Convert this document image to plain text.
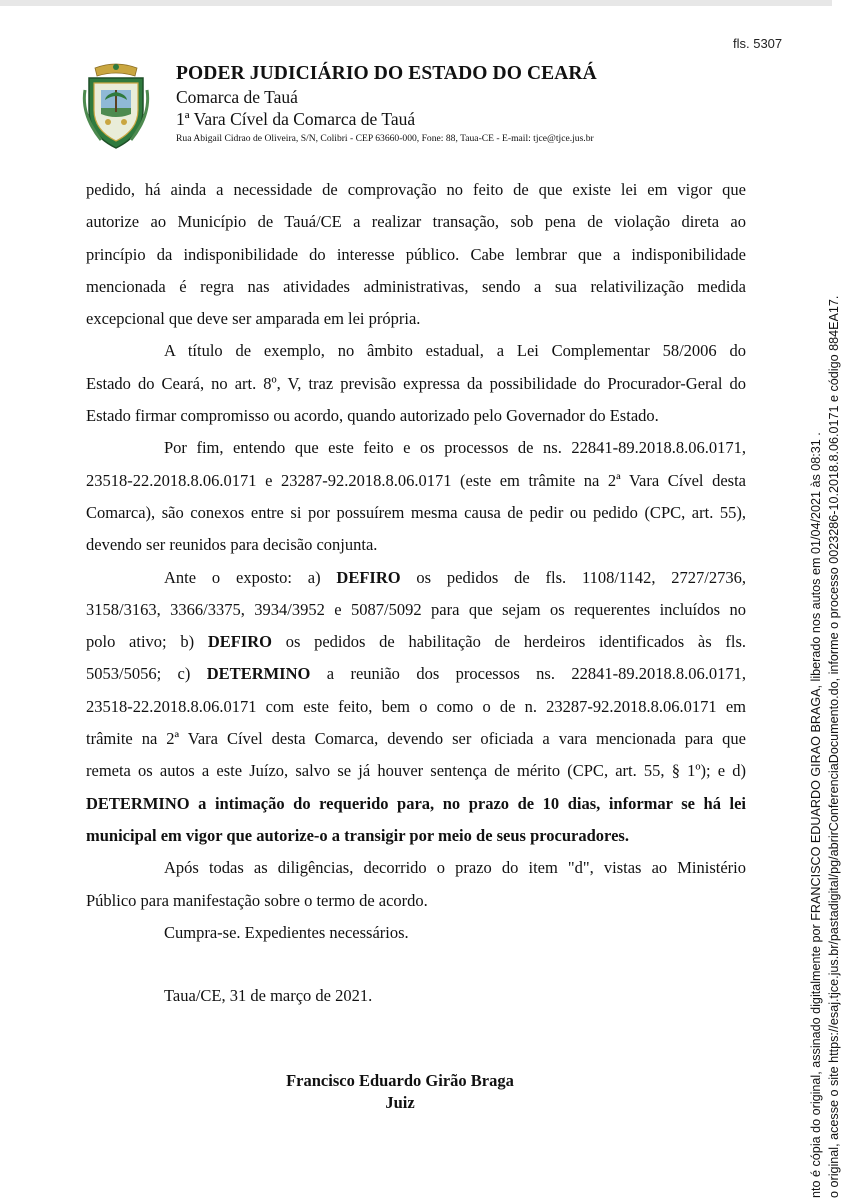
fls. 5307
PODER JUDICIÁRIO DO ESTADO DO CEARÁ
Comarca de Tauá
1ª Vara Cível da Comarca de Tauá
Rua Abigail Cidrao de Oliveira, S/N, Colibri - CEP 63660-000, Fone: 88, Taua-CE - E-mail: tjce@tjce.jus.br

pedido, há ainda a necessidade de comprovação no feito de que existe lei em vigor que
autorize ao Município de Tauá/CE a realizar transação, sob pena de violação direta ao
princípio da indisponibilidade do interesse público. Cabe lembrar que a indisponibilidade
mencionada é regra nas atividades administrativas, sendo a sua relativilização medida
excepcional que deve ser amparada em lei própria.

A título de exemplo, no âmbito estadual, a Lei Complementar 58/2006 do
Estado do Ceará, no art. 8º, V, traz previsão expressa da possibilidade do Procurador-Geral do
Estado firmar compromisso ou acordo, quando autorizado pelo Governador do Estado.

Por fim, entendo que este feito e os processos de ns. 22841-89.2018.8.06.0171,
23518-22.2018.8.06.0171 e 23287-92.2018.8.06.0171 (este em trâmite na 2ª Vara Cível desta
Comarca), são conexos entre si por possuírem mesma causa de pedir ou pedido (CPC, art. 55),
devendo ser reunidos para decisão conjunta.

Ante o exposto: a) DEFIRO os pedidos de fls. 1108/1142, 2727/2736,
3158/3163, 3366/3375, 3934/3952 e 5087/5092 para que sejam os requerentes incluídos no
polo ativo; b) DEFIRO os pedidos de habilitação de herdeiros identificados às fls.
5053/5056; c) DETERMINO a reunião dos processos ns. 22841-89.2018.8.06.0171,
23518-22.2018.8.06.0171 com este feito, bem o como o de n. 23287-92.2018.8.06.0171 em
trâmite na 2ª Vara Cível desta Comarca, devendo ser oficiada a vara mencionada para que
remeta os autos a este Juízo, salvo se já houver sentença de mérito (CPC, art. 55, § 1º); e d)
DETERMINO a intimação do requerido para, no prazo de 10 dias, informar se há lei
municipal em vigor que autorize-o a transigir por meio de seus procuradores.

Após todas as diligências, decorrido o prazo do item "d", vistas ao Ministério
Público para manifestação sobre o termo de acordo.

Cumpra-se. Expedientes necessários.

Taua/CE, 31 de março de 2021.
Francisco Eduardo Girão Braga
Juiz	nto é cópia do original, assinado digitalmente por FRANCISCO EDUARDO GIRAO BRAGA, liberado nos autos em 01/04/2021 às 08:31 . o original, acesse o site https://esaj.tjce.jus.br/pastadigital/pg/abrirConferenciaDocumento.do, informe o processo 0023286-10.2018.8.06.0171 e código 884EA17.
